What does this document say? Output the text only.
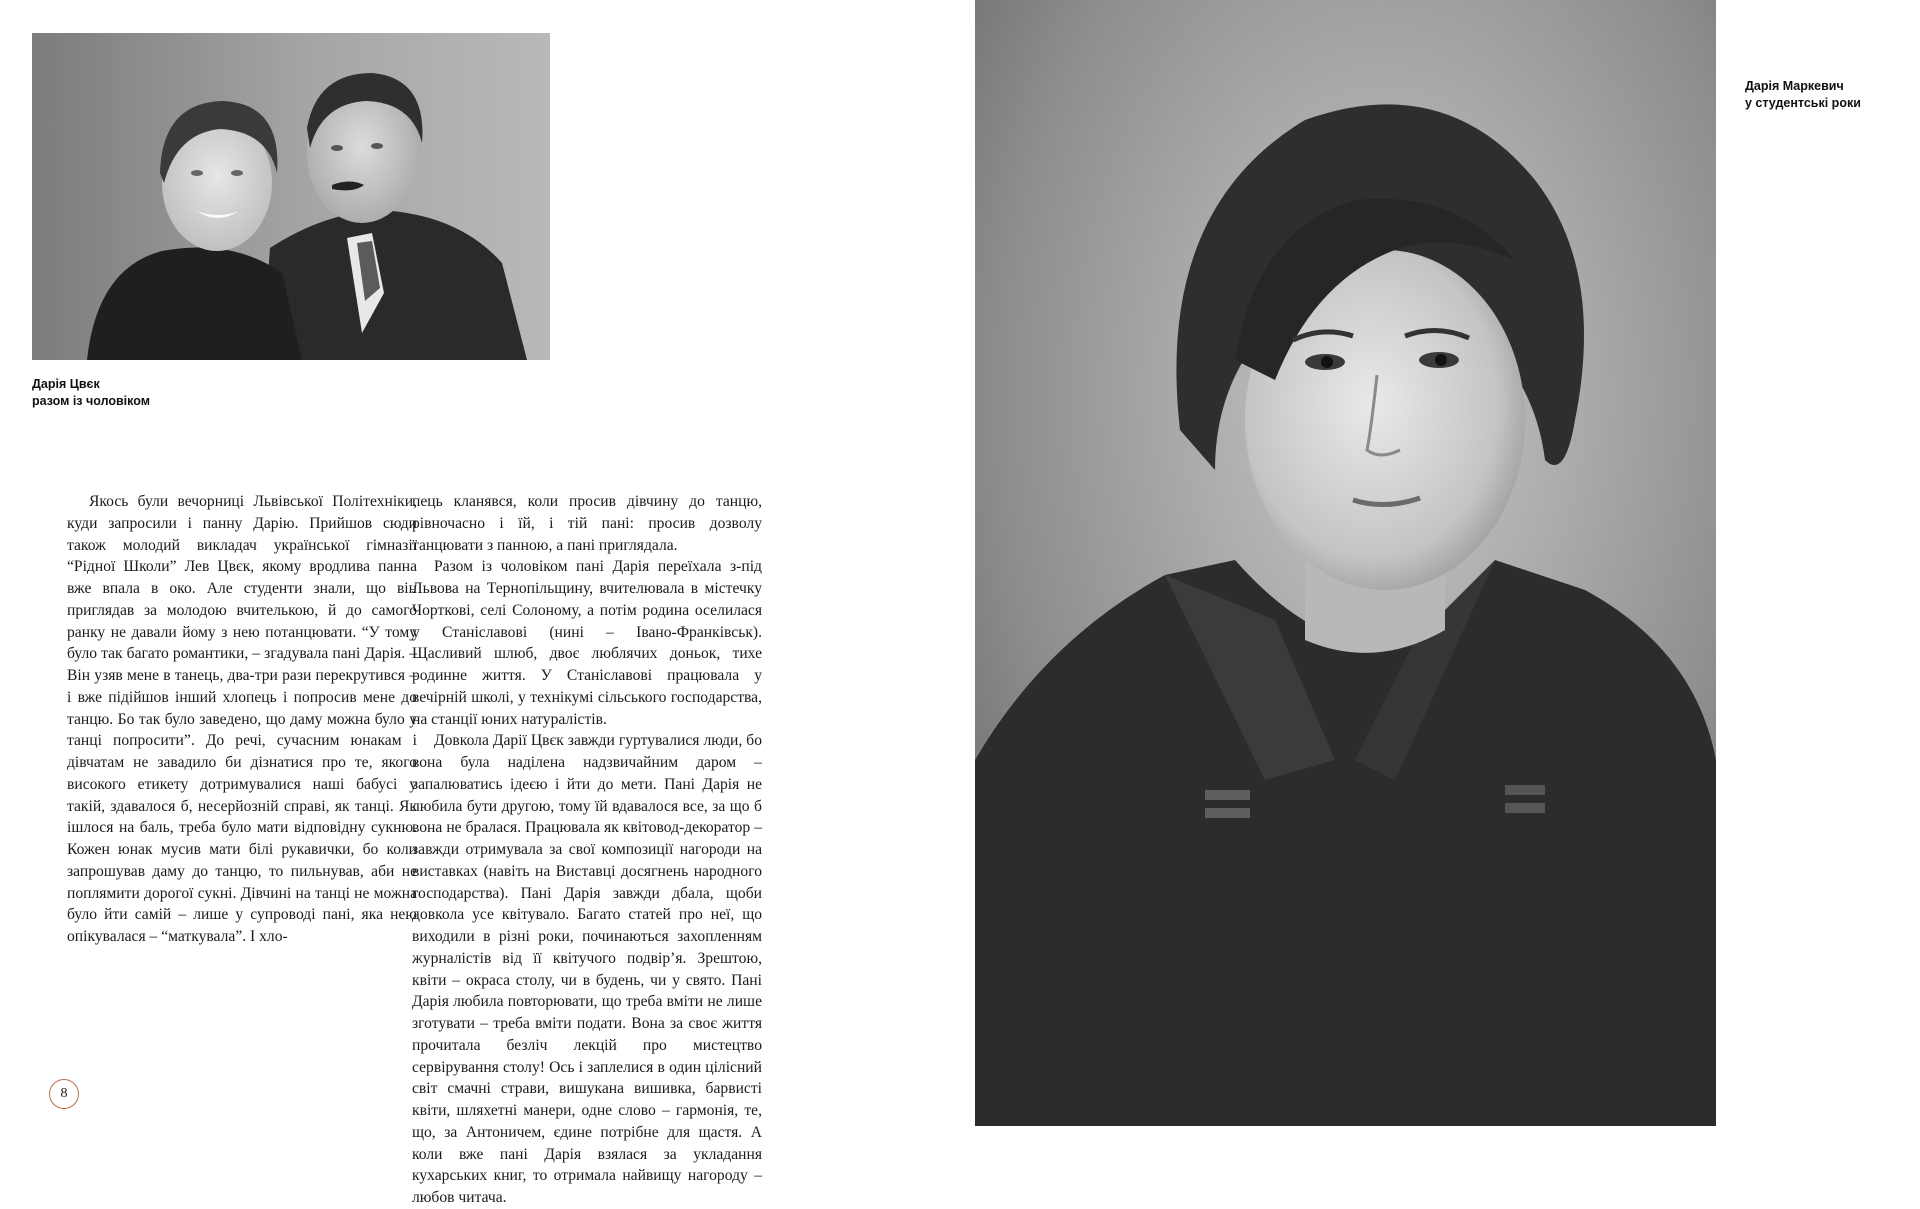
Дарія Цвєк
разом із чоловіком

Якось були вечорниці Львівської Політехніки, куди запросили і панну Дарію. Прийшов сюди також молодий викладач української гімназії “Рідної Школи” Лев Цвєк, якому вродлива панна вже впала в око. Але студенти знали, що він приглядав за молодою вчителькою, й до самого ранку не давали йому з нею потанцювати. “У тому було так багато романтики, – згадувала пані Дарія. – Він узяв мене в танець, два-три рази перекрутився – і вже підійшов інший хлопець і попросив мене до танцю. Бо так було заведено, що даму можна було у танці попросити”. До речі, сучасним юнакам і дівчатам не завадило би дізнатися про те, якого високого етикету дотримувалися наші бабусі у такій, здавалося б, несерйозній справі, як танці. Як ішлося на баль, треба було мати відповідну сукню. Кожен юнак мусив мати білі рукавички, бо коли запрошував даму до танцю, то пильнував, аби не поплямити дорогої сукні. Дівчині на танці не можна було йти самій – лише у супроводі пані, яка нею опікувалася – “маткувала”. І хло-

пець кланявся, коли просив дівчину до танцю, рівночасно і їй, і тій пані: просив дозволу танцювати з панною, а пані приглядала.

Разом із чоловіком пані Дарія переїхала з-під Львова на Тернопільщину, вчителювала в містечку Чорткові, селі Солоному, а потім родина оселилася у Станіславові (нині – Івано-Франківськ). Щасливий шлюб, двоє люблячих доньок, тихе родинне життя. У Станіславові працювала у вечірній школі, у технікумі сільського господарства, на станції юних натуралістів.

Довкола Дарії Цвєк завжди гуртувалися люди, бо вона була наділена надзвичайним даром – запалюватись ідеєю і йти до мети. Пані Дарія не любила бути другою, тому їй вдавалося все, за що б вона не бралася. Працювала як квітовод-декоратор – завжди отримувала за свої композиції нагороди на виставках (навіть на Виставці досягнень народного господарства). Пані Дарія завжди дбала, щоби довкола усе квітувало. Багато статей про неї, що виходили в різні роки, починаються захопленням журналістів від її квітучого подвір’я. Зрештою, квіти – окраса столу, чи в будень, чи у свято. Пані Дарія любила повторювати, що треба вміти не лише зготувати – треба вміти подати. Вона за своє життя прочитала безліч лекцій про мистецтво сервірування столу! Ось і заплелися в один цілісний світ смачні страви, вишукана вишивка, барвисті квіти, шляхетні манери, одне слово – гармонія, те, що, за Антоничем, єдине потрібне для щастя. А коли вже пані Дарія взялася за укладання кухарських книг, то отримала найвищу нагороду – любов читача.

8
Дарія Маркевич
у студентські роки
